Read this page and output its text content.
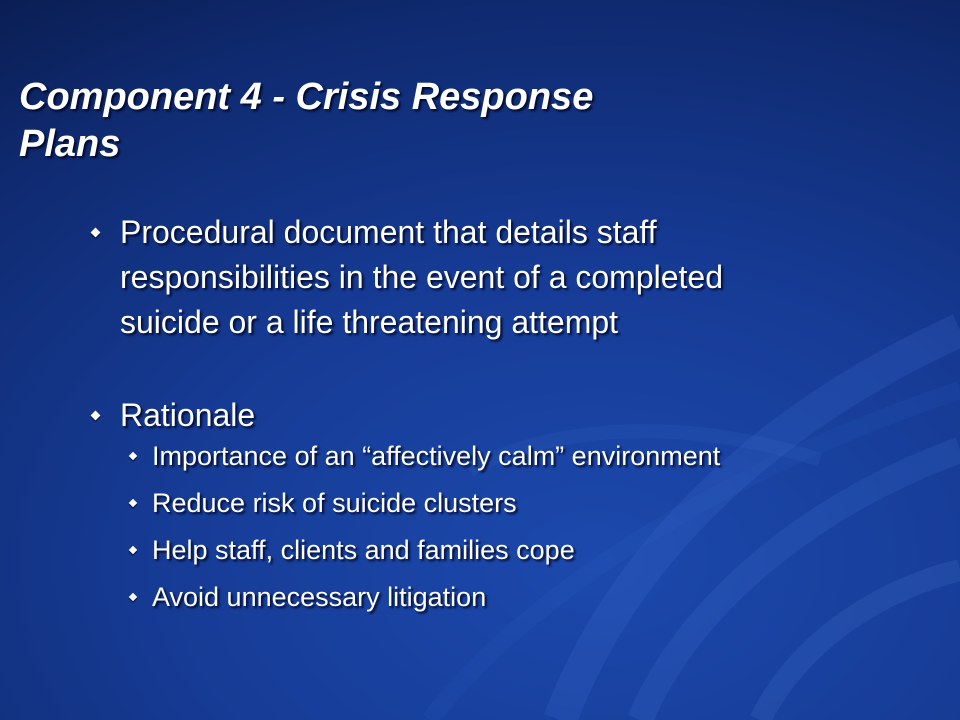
Component 4 - Crisis Response
Plans
Procedural document that details staff
responsibilities in the event of a completed
suicide or a life threatening attempt
Rationale
Importance of an “affectively calm” environment
Reduce risk of suicide clusters
Help staff, clients and families cope
Avoid unnecessary litigation
